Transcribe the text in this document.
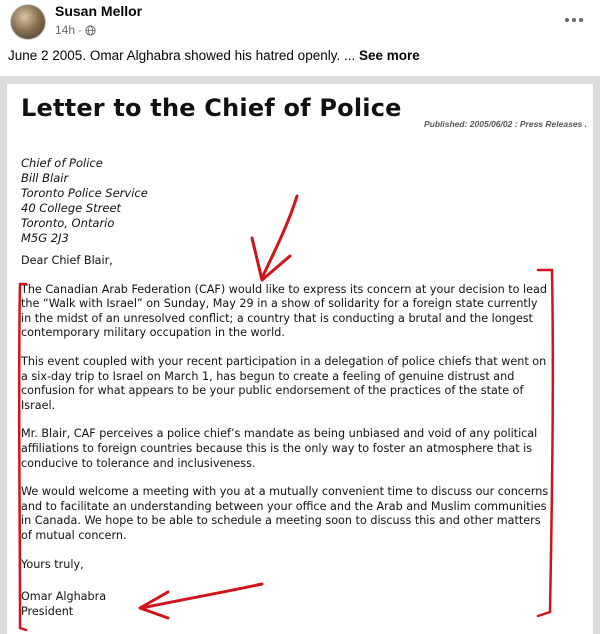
Susan Mellor
14h ·
June 2 2005. Omar Alghabra showed his hatred openly. ... See more
Letter to the Chief of Police
Published: 2005/06/02 : Press Releases .
Chief of Police
Bill Blair
Toronto Police Service
40 College Street
Toronto, Ontario
M5G 2J3
Dear Chief Blair,

The Canadian Arab Federation (CAF) would like to express its concern at your decision to lead the “Walk with Israel” on Sunday, May 29 in a show of solidarity for a foreign state currently in the midst of an unresolved conflict; a country that is conducting a brutal and the longest contemporary military occupation in the world.

This event coupled with your recent participation in a delegation of police chiefs that went on a six-day trip to Israel on March 1, has begun to create a feeling of genuine distrust and confusion for what appears to be your public endorsement of the practices of the state of Israel.

Mr. Blair, CAF perceives a police chief’s mandate as being unbiased and void of any political affiliations to foreign countries because this is the only way to foster an atmosphere that is conducive to tolerance and inclusiveness.

We would welcome a meeting with you at a mutually convenient time to discuss our concerns and to facilitate an understanding between your office and the Arab and Muslim communities in Canada. We hope to be able to schedule a meeting soon to discuss this and other matters of mutual concern.

Yours truly,
Omar Alghabra
President
